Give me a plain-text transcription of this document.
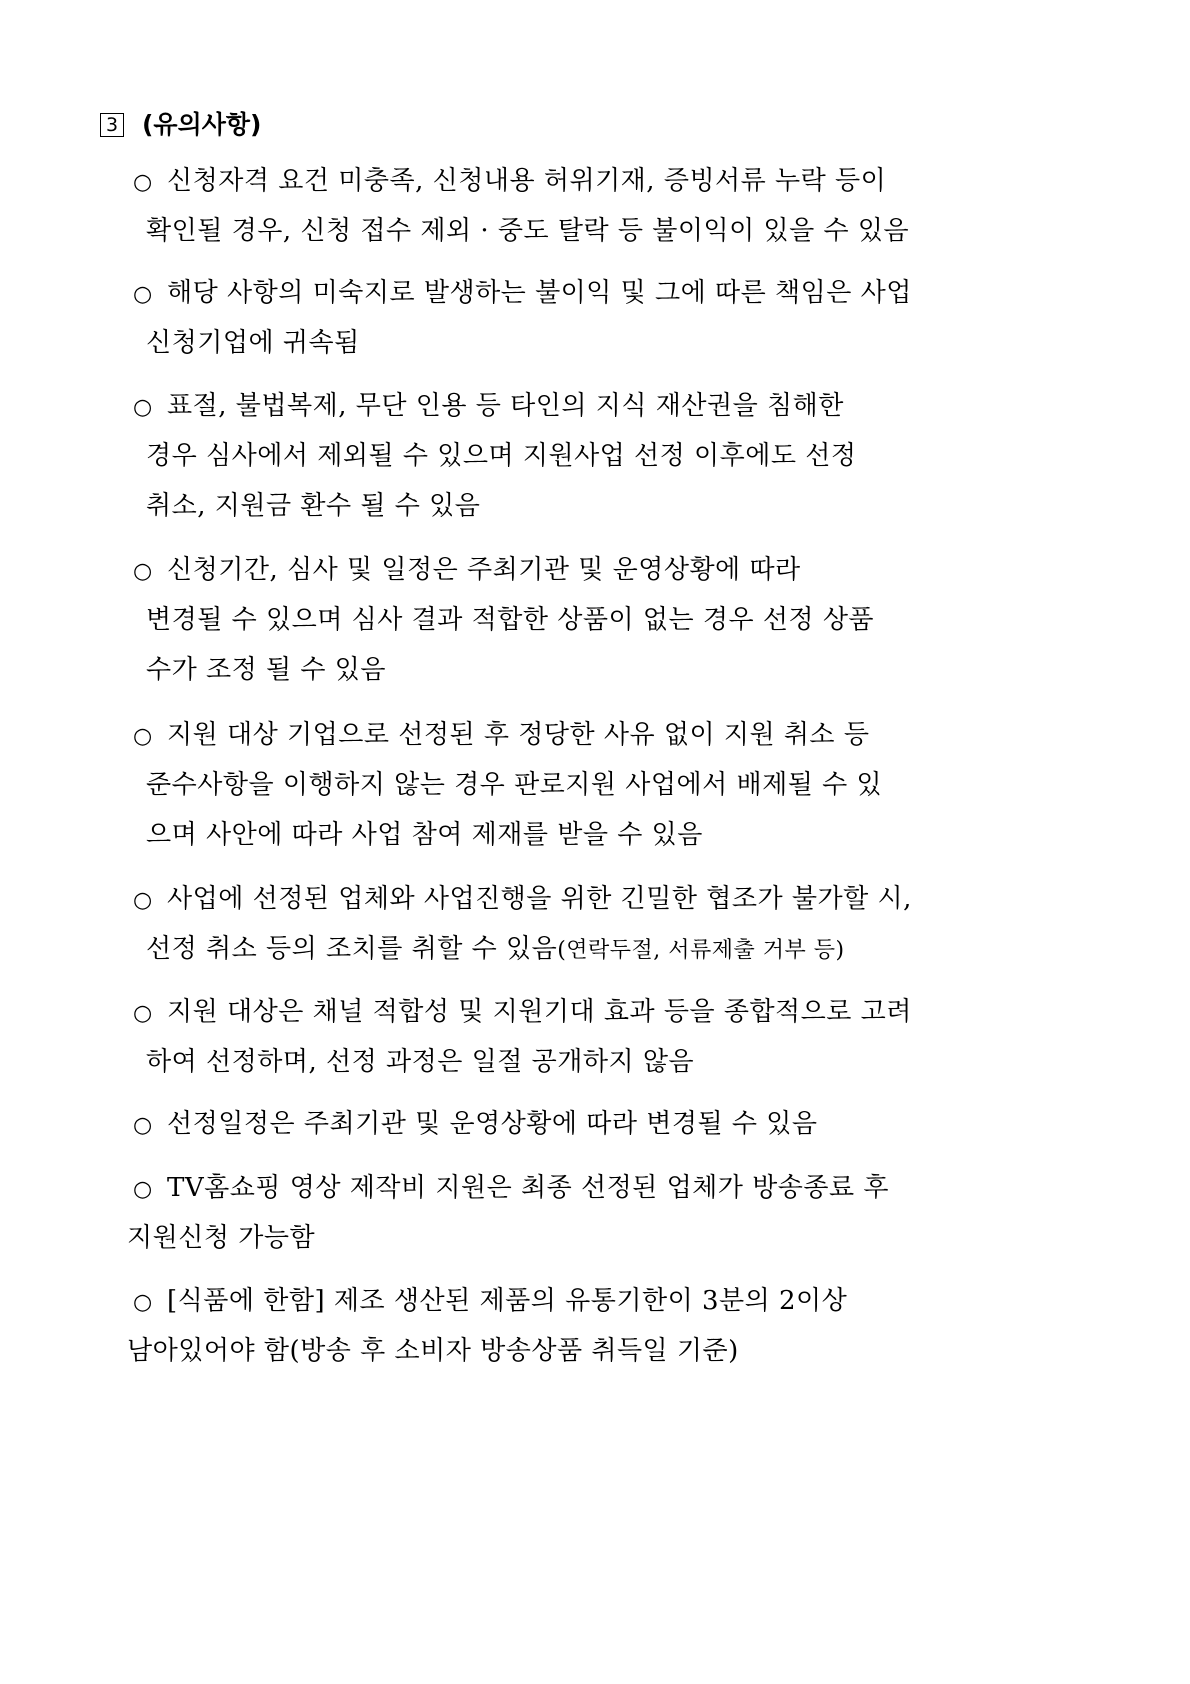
3 (유의사항)
○ 신청자격 요건 미충족, 신청내용 허위기재, 증빙서류 누락 등이
확인될 경우, 신청 접수 제외 · 중도 탈락 등 불이익이 있을 수 있음
○ 해당 사항의 미숙지로 발생하는 불이익 및 그에 따른 책임은 사업
신청기업에 귀속됨
○ 표절, 불법복제, 무단 인용 등 타인의 지식 재산권을 침해한
경우 심사에서 제외될 수 있으며 지원사업 선정 이후에도 선정
취소, 지원금 환수 될 수 있음
○ 신청기간, 심사 및 일정은 주최기관 및 운영상황에 따라
변경될 수 있으며 심사 결과 적합한 상품이 없는 경우 선정 상품
수가 조정 될 수 있음
○ 지원 대상 기업으로 선정된 후 정당한 사유 없이 지원 취소 등
준수사항을 이행하지 않는 경우 판로지원 사업에서 배제될 수 있
으며 사안에 따라 사업 참여 제재를 받을 수 있음
○ 사업에 선정된 업체와 사업진행을 위한 긴밀한 협조가 불가할 시,
선정 취소 등의 조치를 취할 수 있음(연락두절, 서류제출 거부 등)
○ 지원 대상은 채널 적합성 및 지원기대 효과 등을 종합적으로 고려
하여 선정하며, 선정 과정은 일절 공개하지 않음
○ 선정일정은 주최기관 및 운영상황에 따라 변경될 수 있음
○ TV홈쇼핑 영상 제작비 지원은 최종 선정된 업체가 방송종료 후
지원신청 가능함
○ [식품에 한함] 제조 생산된 제품의 유통기한이 3분의 2이상
남아있어야 함(방송 후 소비자 방송상품 취득일 기준)
